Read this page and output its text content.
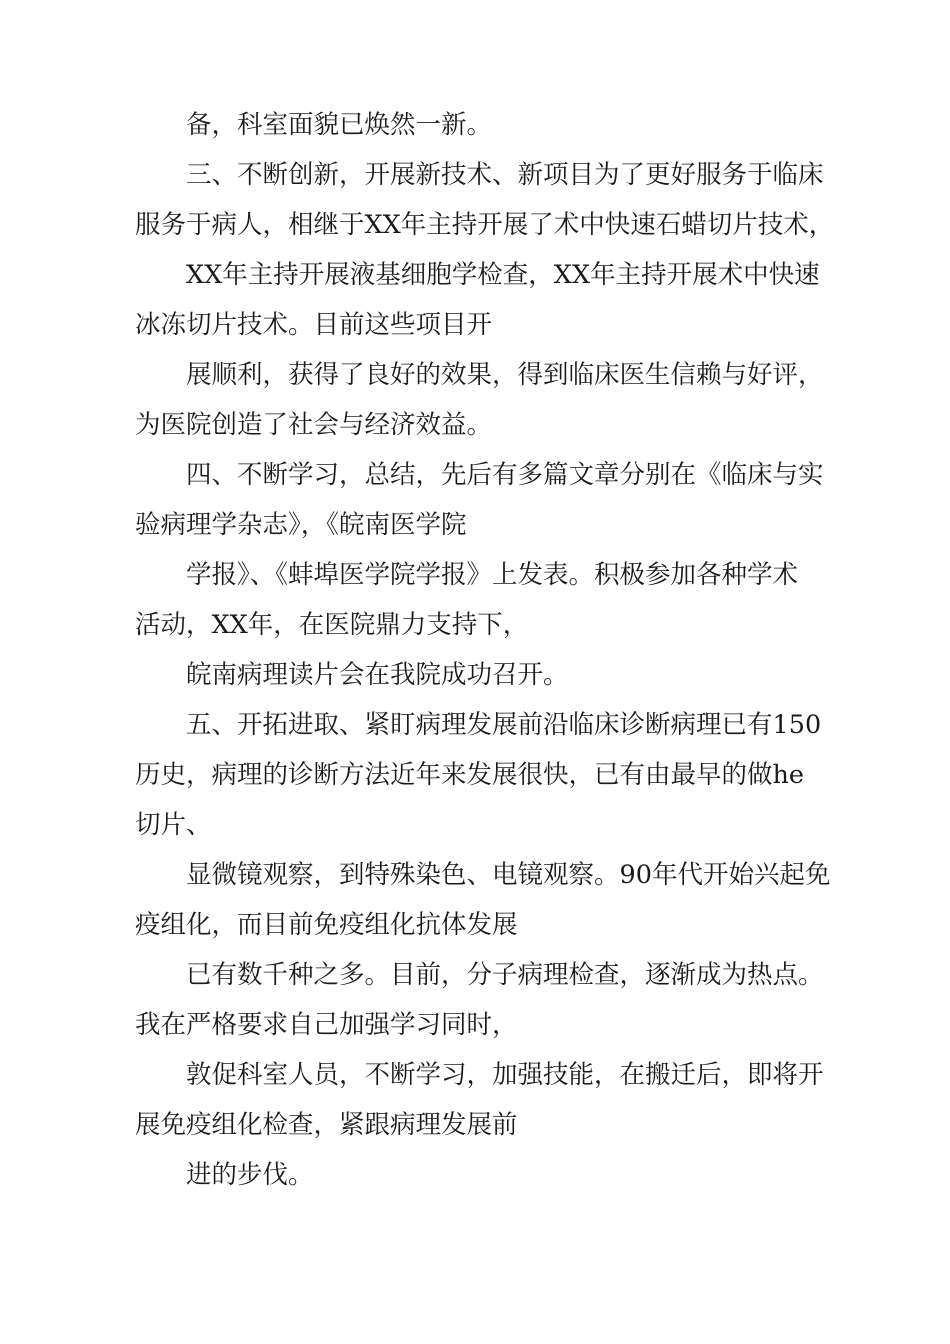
备，科室面貌已焕然一新。

三、不断创新，开展新技术、新项目为了更好服务于临床
服务于病人，相继于XX年主持开展了术中快速石蜡切片技术，

XX年主持开展液基细胞学检查，XX年主持开展术中快速
冰冻切片技术。目前这些项目开

展顺利，获得了良好的效果，得到临床医生信赖与好评，
为医院创造了社会与经济效益。

四、不断学习，总结，先后有多篇文章分别在《临床与实
验病理学杂志》，《皖南医学院

学报》、《蚌埠医学院学报》上发表。积极参加各种学术
活动，XX年，在医院鼎力支持下，

皖南病理读片会在我院成功召开。

五、开拓进取、紧盯病理发展前沿临床诊断病理已有150
历史，病理的诊断方法近年来发展很快，已有由最早的做he
切片、

显微镜观察，到特殊染色、电镜观察。90年代开始兴起免
疫组化，而目前免疫组化抗体发展

已有数千种之多。目前，分子病理检查，逐渐成为热点。
我在严格要求自己加强学习同时，

敦促科室人员，不断学习，加强技能，在搬迁后，即将开
展免疫组化检查，紧跟病理发展前

进的步伐。
